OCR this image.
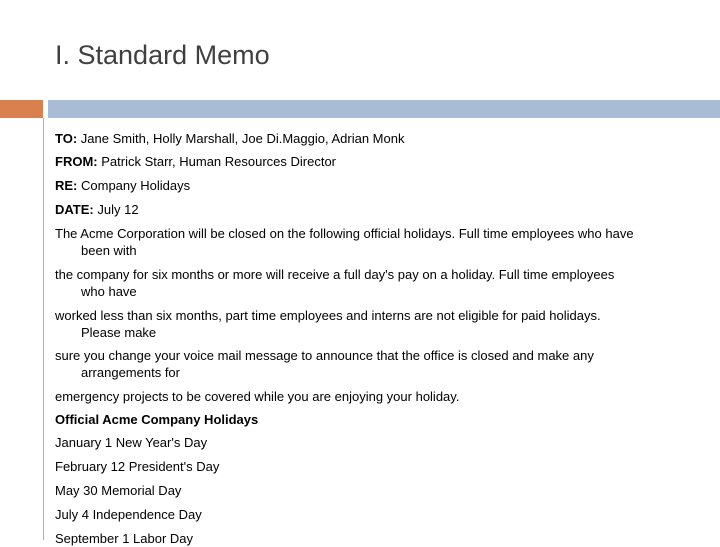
I. Standard Memo
TO: Jane Smith, Holly Marshall, Joe Di.Maggio, Adrian Monk
FROM: Patrick Starr, Human Resources Director
RE: Company Holidays
DATE: July 12
The Acme Corporation will be closed on the following official holidays. Full time employees who have
been with
the company for six months or more will receive a full day's pay on a holiday. Full time employees
who have
worked less than six months, part time employees and interns are not eligible for paid holidays.
Please make
sure you change your voice mail message to announce that the office is closed and make any
arrangements for
emergency projects to be covered while you are enjoying your holiday.
Official Acme Company Holidays
January 1 New Year's Day
February 12 President's Day
May 30 Memorial Day
July 4 Independence Day
September 1 Labor Day
